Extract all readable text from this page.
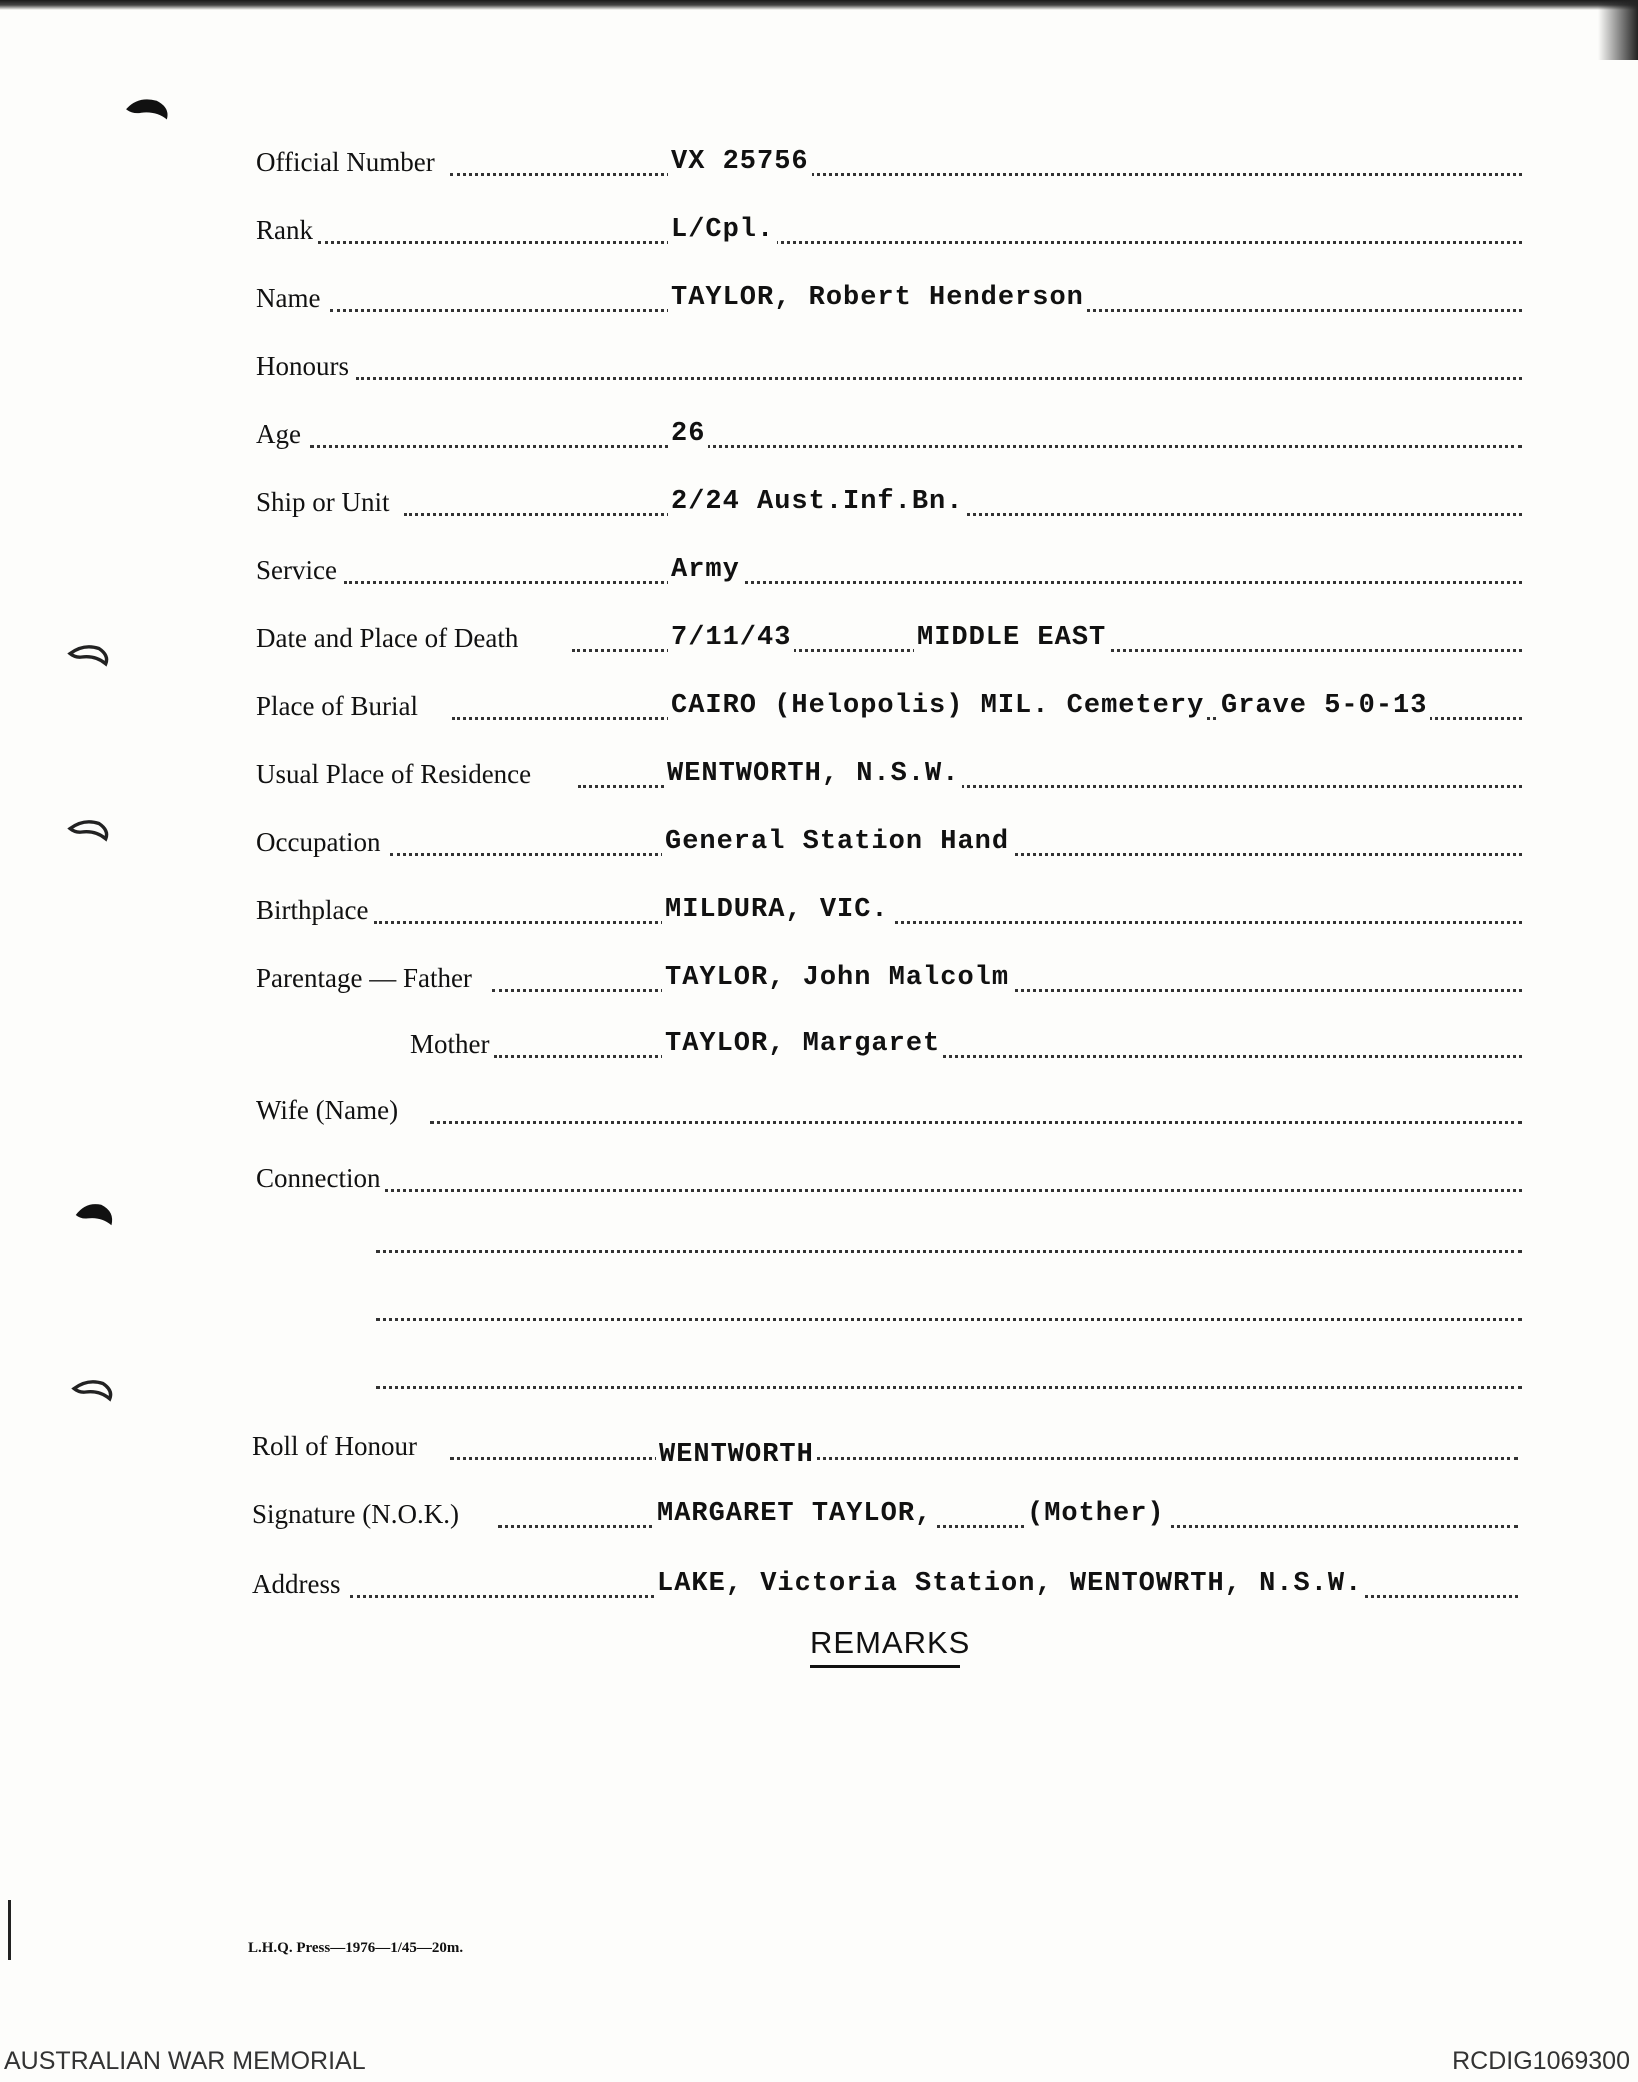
Official Number	VX 25756
Rank	L/Cpl.
Name	TAYLOR, Robert Henderson
Honours
Age	26
Ship or Unit	2/24 Aust.Inf.Bn.
Service	Army
Date and Place of Death	7/11/43	MIDDLE EAST
Place of Burial	CAIRO (Helopolis) MIL. Cemetery Grave 5-0-13
Usual Place of Residence	WENTWORTH, N.S.W.
Occupation	General Station Hand
Birthplace	MILDURA, VIC.
Parentage — Father	TAYLOR, John Malcolm
Mother	TAYLOR, Margaret
Wife (Name)
Connection
Roll of Honour	WENTWORTH
Signature (N.O.K.)	MARGARET TAYLOR,	(Mother)
Address	LAKE, Victoria Station, WENTOWRTH, N.S.W.
REMARKS
L.H.Q. Press—1976—1/45—20m.
AUSTRALIAN WAR MEMORIAL	RCDIG1069300
